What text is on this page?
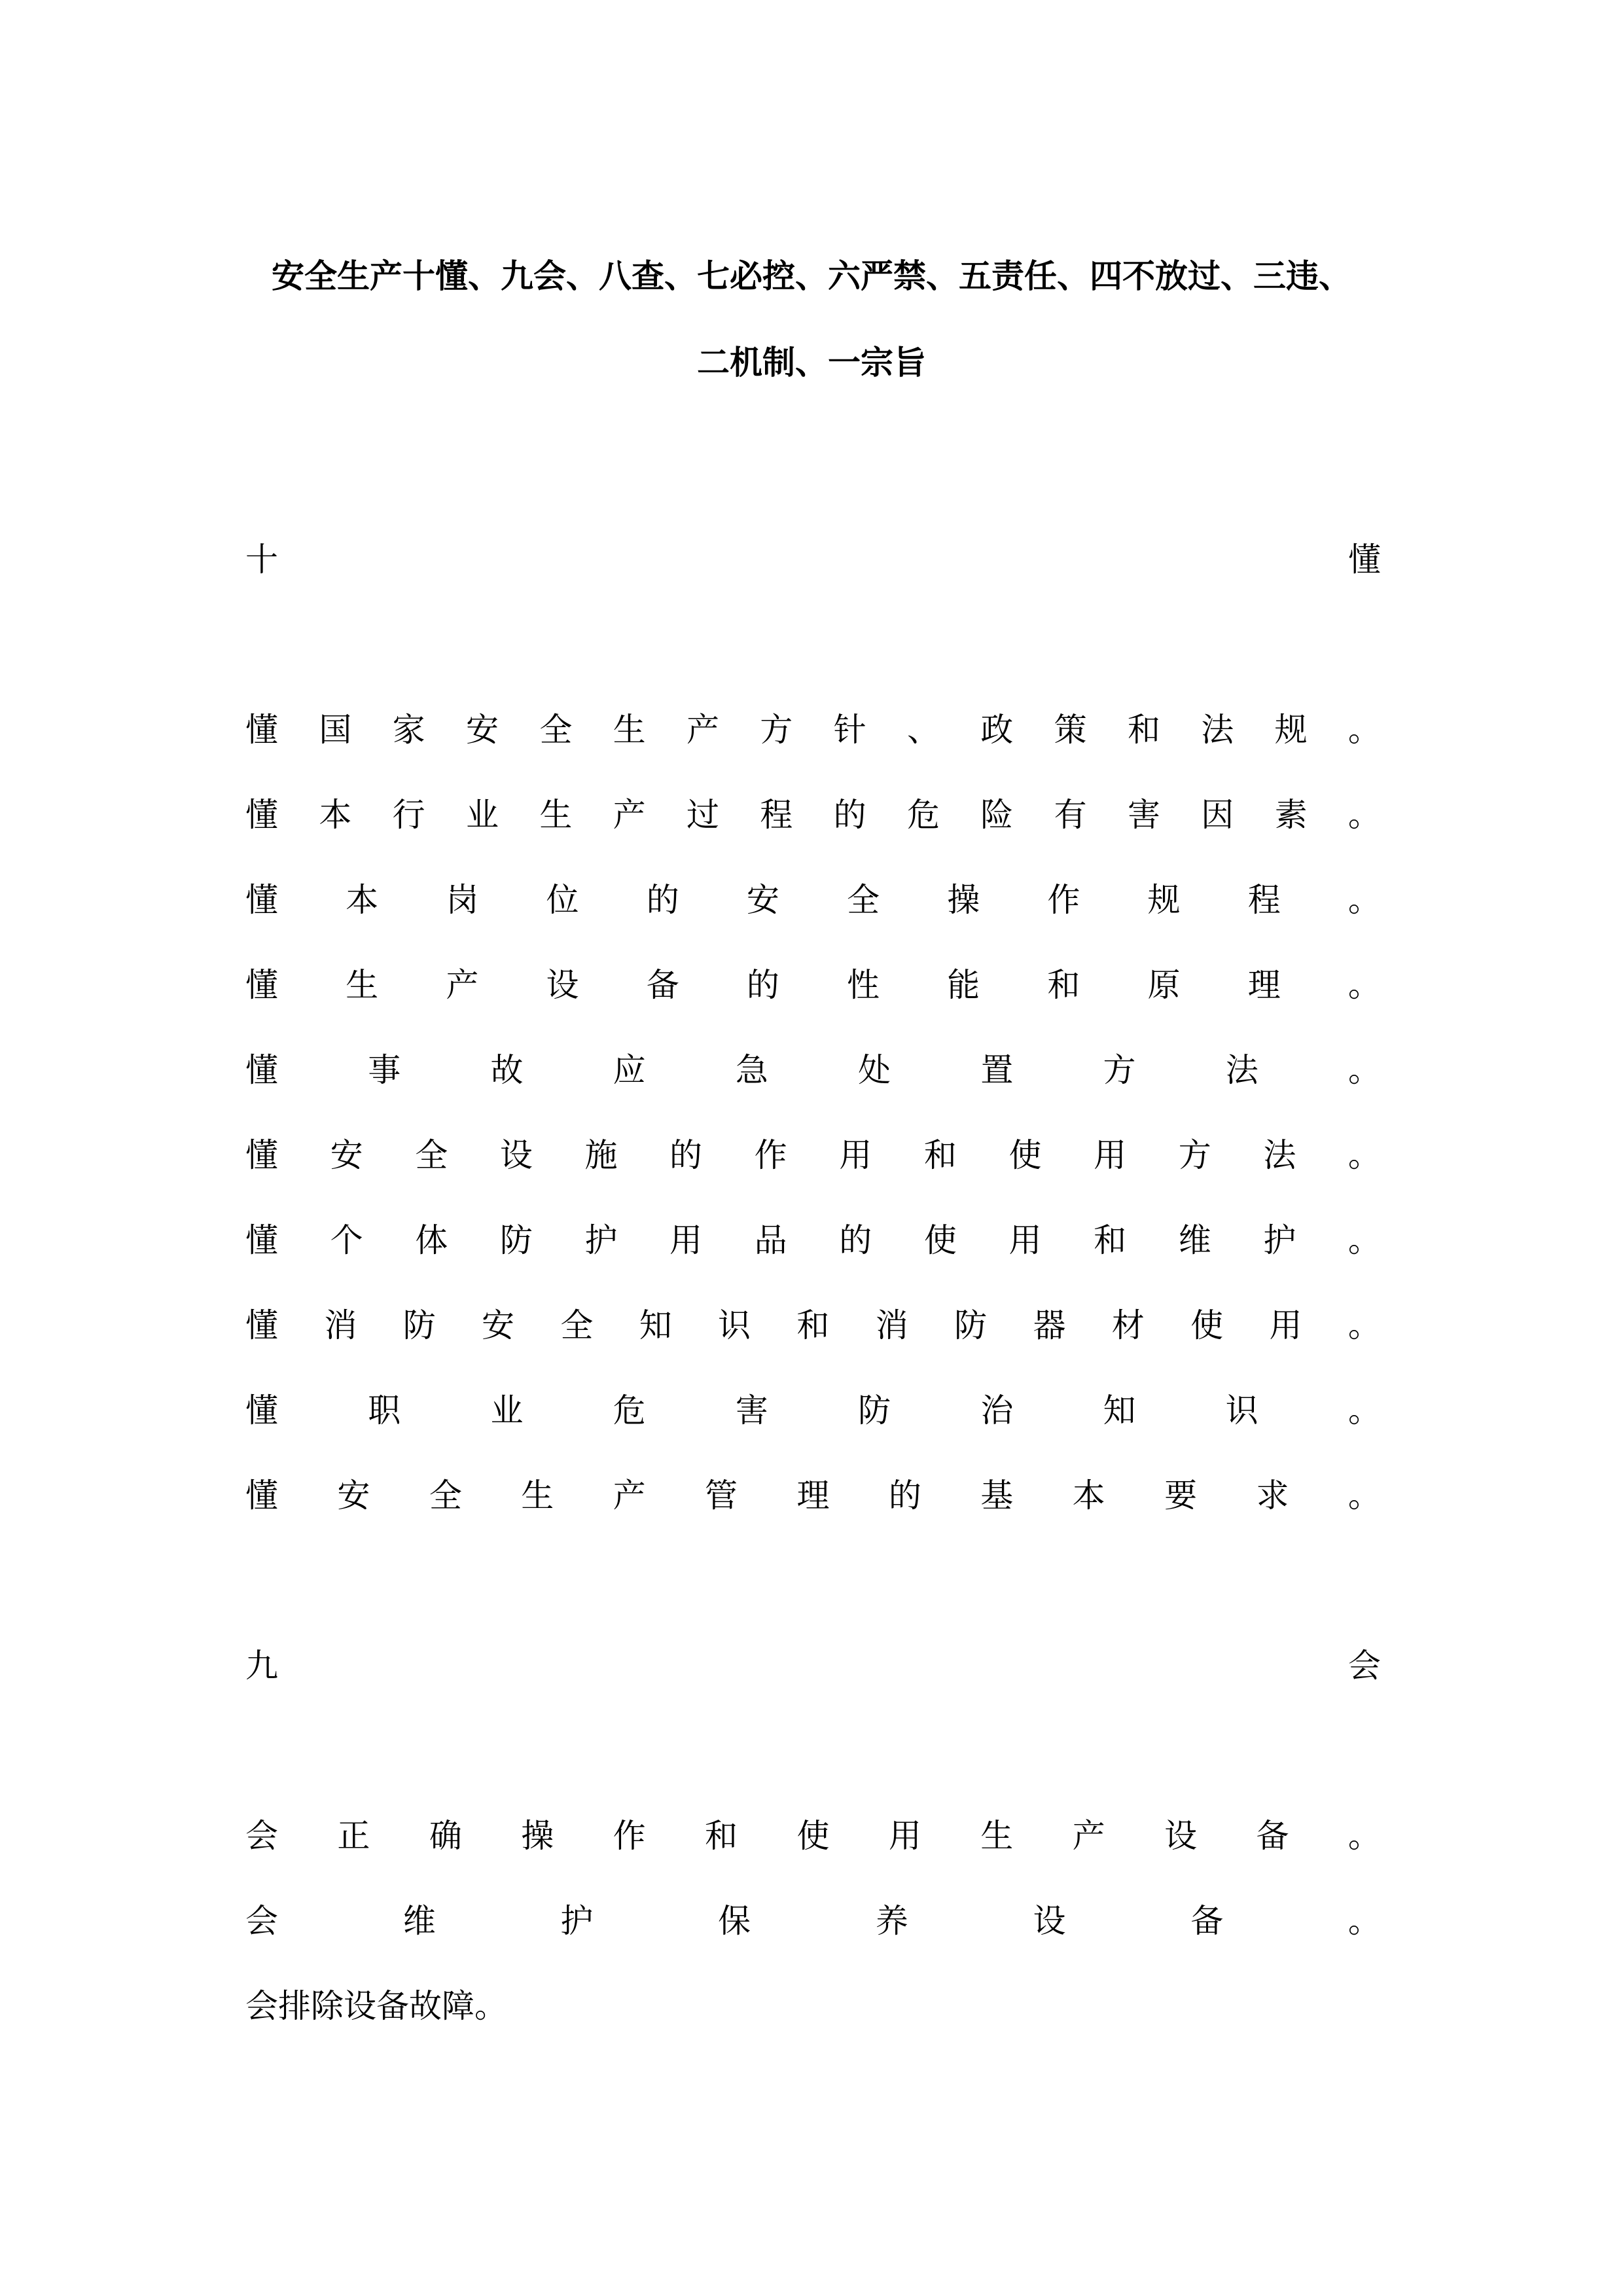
安全生产十懂、九会、八查、七必控、六严禁、五责任、四不放过、三违、
二机制、一宗旨
十	懂
懂 国 家 安 全 生 产 方 针 、 政 策 和 法 规 。
懂 本 行 业 生 产 过 程 的 危 险 有 害 因 素 。
懂 本 岗 位 的 安 全 操 作 规 程 。
懂 生 产 设 备 的 性 能 和 原 理 。
懂	事	故	应	急	处	置	方	法	。
懂 安 全 设 施 的 作 用 和 使 用 方 法 。
懂 个 体 防 护 用 品 的 使 用 和 维 护 。
懂 消 防 安 全 知 识 和 消 防 器 材 使 用 。
懂	职	业	危	害	防	治	知	识	。
懂 安 全 生 产 管 理 的 基 本 要 求 。
九	会
会 正 确 操 作 和 使 用 生 产 设 备 。
会	维	护	保	养	设	备	。
会排除设备故障。
